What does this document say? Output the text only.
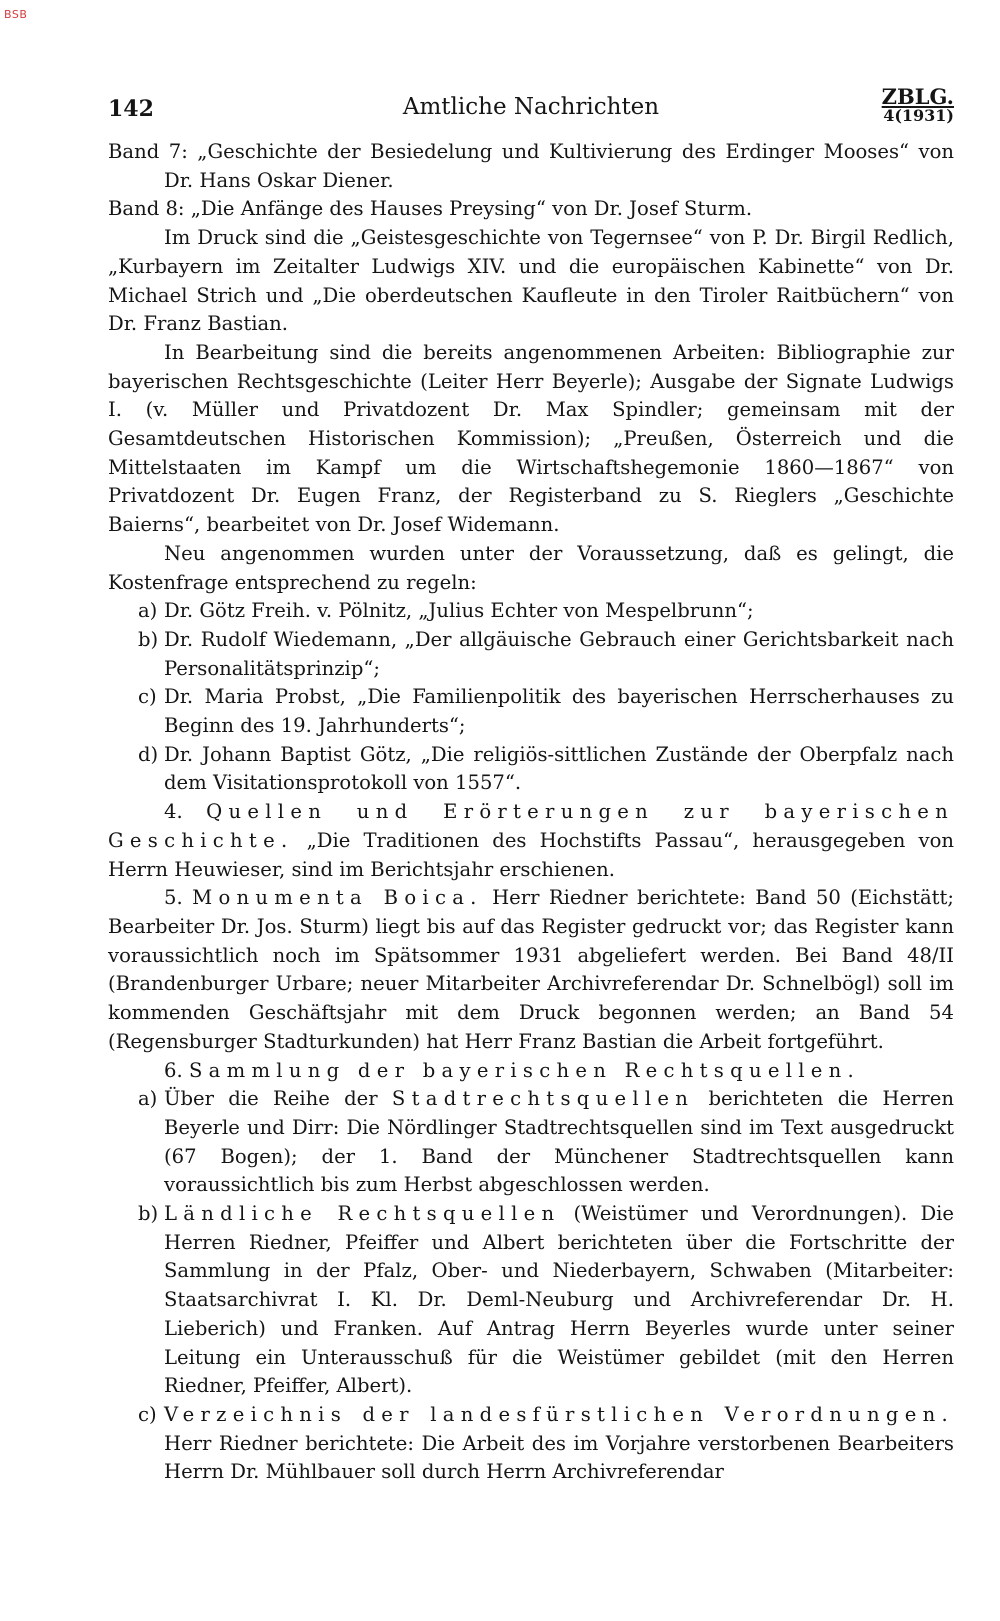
BSB
142	Amtliche Nachrichten	ZBLG.
4(1931)

Band 7: „Geschichte der Besiedelung und Kultivierung des Erdinger Mooses“ von Dr. Hans Oskar Diener.

Band 8: „Die Anfänge des Hauses Preysing“ von Dr. Josef Sturm.

Im Druck sind die „Geistesgeschichte von Tegernsee“ von P. Dr. Birgil Redlich, „Kurbayern im Zeitalter Ludwigs XIV. und die europäischen Kabinette“ von Dr. Michael Strich und „Die oberdeutschen Kaufleute in den Tiroler Raitbüchern“ von Dr. Franz Bastian.

In Bearbeitung sind die bereits angenommenen Arbeiten: Bibliographie zur bayerischen Rechtsgeschichte (Leiter Herr Beyerle); Ausgabe der Signate Ludwigs I. (v. Müller und Privatdozent Dr. Max Spindler; gemeinsam mit der Gesamtdeutschen Historischen Kommission); „Preußen, Österreich und die Mittelstaaten im Kampf um die Wirtschaftshegemonie 1860—1867“ von Privatdozent Dr. Eugen Franz, der Registerband zu S. Rieglers „Geschichte Baierns“, bearbeitet von Dr. Josef Widemann.

Neu angenommen wurden unter der Voraussetzung, daß es gelingt, die Kostenfrage entsprechend zu regeln:

a) Dr. Götz Freih. v. Pölnitz, „Julius Echter von Mespelbrunn“;
b) Dr. Rudolf Wiedemann, „Der allgäuische Gebrauch einer Gerichtsbarkeit nach Personalitätsprinzip“;
c) Dr. Maria Probst, „Die Familienpolitik des bayerischen Herrscherhauses zu Beginn des 19. Jahrhunderts“;
d) Dr. Johann Baptist Götz, „Die religiös-sittlichen Zustände der Oberpfalz nach dem Visitationsprotokoll von 1557“.

4. Quellen und Erörterungen zur bayerischen Geschichte. „Die Traditionen des Hochstifts Passau“, herausgegeben von Herrn Heuwieser, sind im Berichtsjahr erschienen.

5. Monumenta Boica. Herr Riedner berichtete: Band 50 (Eichstätt; Bearbeiter Dr. Jos. Sturm) liegt bis auf das Register gedruckt vor; das Register kann voraussichtlich noch im Spätsommer 1931 abgeliefert werden. Bei Band 48/II (Brandenburger Urbare; neuer Mitarbeiter Archivreferendar Dr. Schnelbögl) soll im kommenden Geschäftsjahr mit dem Druck begonnen werden; an Band 54 (Regensburger Stadturkunden) hat Herr Franz Bastian die Arbeit fortgeführt.

6. Sammlung der bayerischen Rechtsquellen.

a) Über die Reihe der Stadtrechtsquellen berichteten die Herren Beyerle und Dirr: Die Nördlinger Stadtrechtsquellen sind im Text ausgedruckt (67 Bogen); der 1. Band der Münchener Stadtrechtsquellen kann voraussichtlich bis zum Herbst abgeschlossen werden.
b) Ländliche Rechtsquellen (Weistümer und Verordnungen). Die Herren Riedner, Pfeiffer und Albert berichteten über die Fortschritte der Sammlung in der Pfalz, Ober- und Niederbayern, Schwaben (Mitarbeiter: Staatsarchivrat I. Kl. Dr. Deml-Neuburg und Archivreferendar Dr. H. Lieberich) und Franken. Auf Antrag Herrn Beyerles wurde unter seiner Leitung ein Unterausschuß für die Weistümer gebildet (mit den Herren Riedner, Pfeiffer, Albert).
c) Verzeichnis der landesfürstlichen Verordnungen. Herr Riedner berichtete: Die Arbeit des im Vorjahre verstorbenen Bearbeiters Herrn Dr. Mühlbauer soll durch Herrn Archivreferendar
